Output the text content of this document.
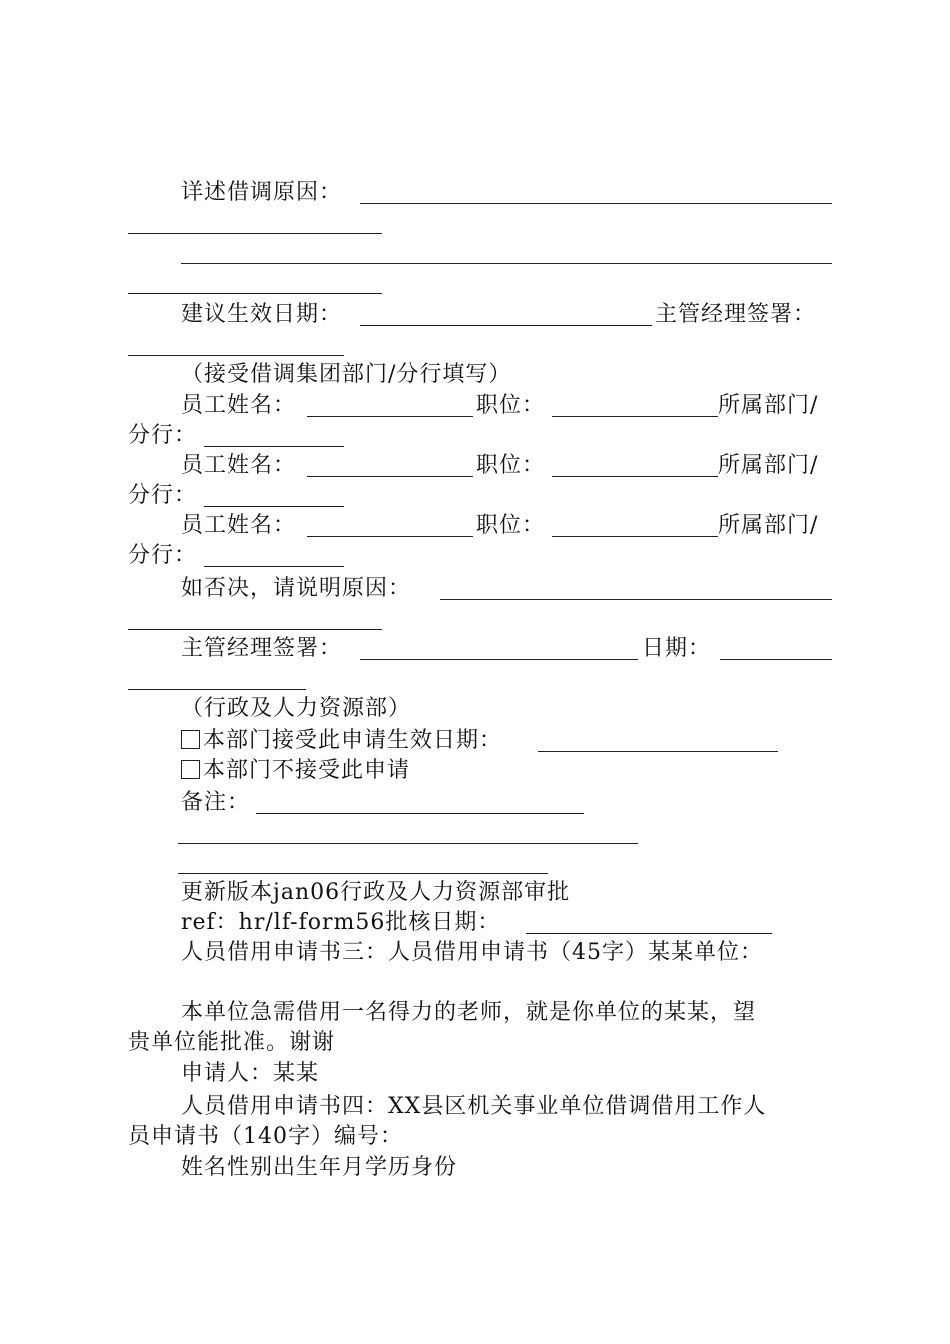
详述借调原因：
建议生效日期：	主管经理签署：
（接受借调集团部门/分行填写）
员工姓名：	职位：	所属部门/
分行：
员工姓名：	职位：	所属部门/
分行：
员工姓名：	职位：	所属部门/
分行：
如否决，请说明原因：
主管经理签署：	日期：
（行政及人力资源部）
本部门接受此申请生效日期：
本部门不接受此申请
备注：
更新版本jan06行政及人力资源部审批
ref：hr/lf-form56批核日期：
人员借用申请书三：人员借用申请书（45字）某某单位：
本单位急需借用一名得力的老师，就是你单位的某某，望
贵单位能批准。谢谢
申请人：某某
人员借用申请书四：XX县区机关事业单位借调借用工作人
员申请书（140字）编号：
姓名性别出生年月学历身份
